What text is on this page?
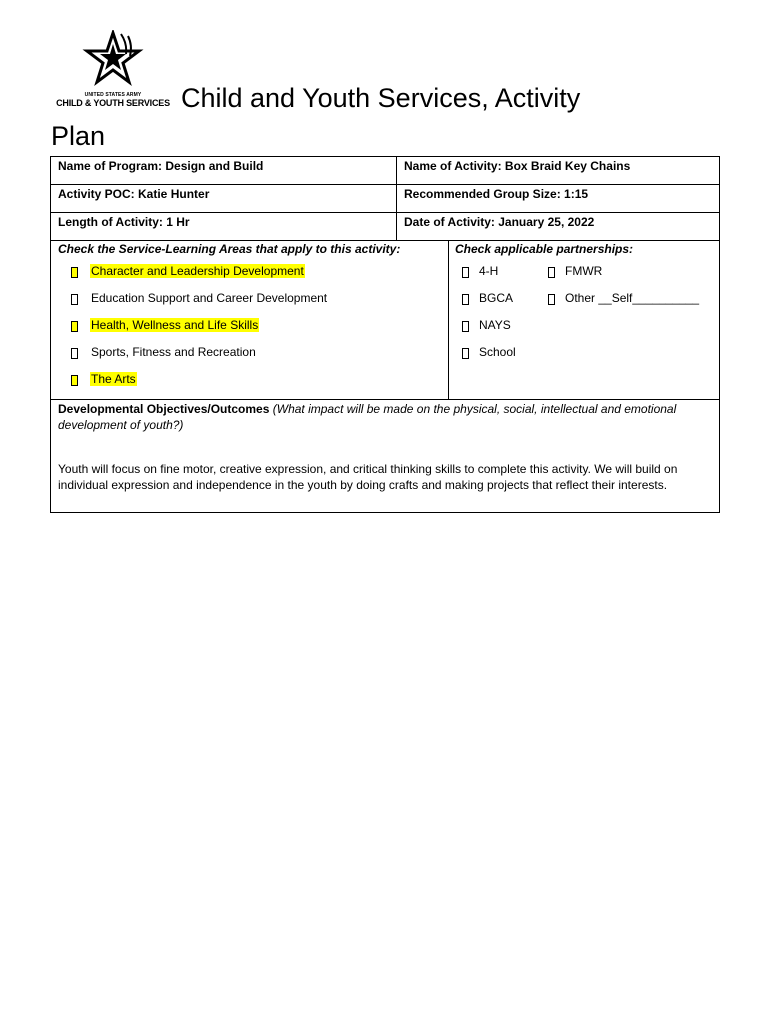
UNITED STATES ARMY
CHILD & YOUTH SERVICES Child and Youth Services, Activity
Plan
Name of Program: Design and Build	Name of Activity: Box Braid Key Chains
Activity POC: Katie Hunter	Recommended Group Size: 1:15
Length of Activity: 1 Hr	Date of Activity: January 25, 2022
Check the Service-Learning Areas that apply to this activity:
Character and Leadership Development
Education Support and Career Development
Health, Wellness and Life Skills
Sports, Fitness and Recreation
The Arts
Check applicable partnerships:
4-H	FMWR
BGCA	Other __Self__________
NAYS
School
Developmental Objectives/Outcomes (What impact will be made on the physical, social, intellectual and emotional development of youth?)
Youth will focus on fine motor, creative expression, and critical thinking skills to complete this activity. We will build on individual expression and independence in the youth by doing crafts and making projects that reflect their interests.
